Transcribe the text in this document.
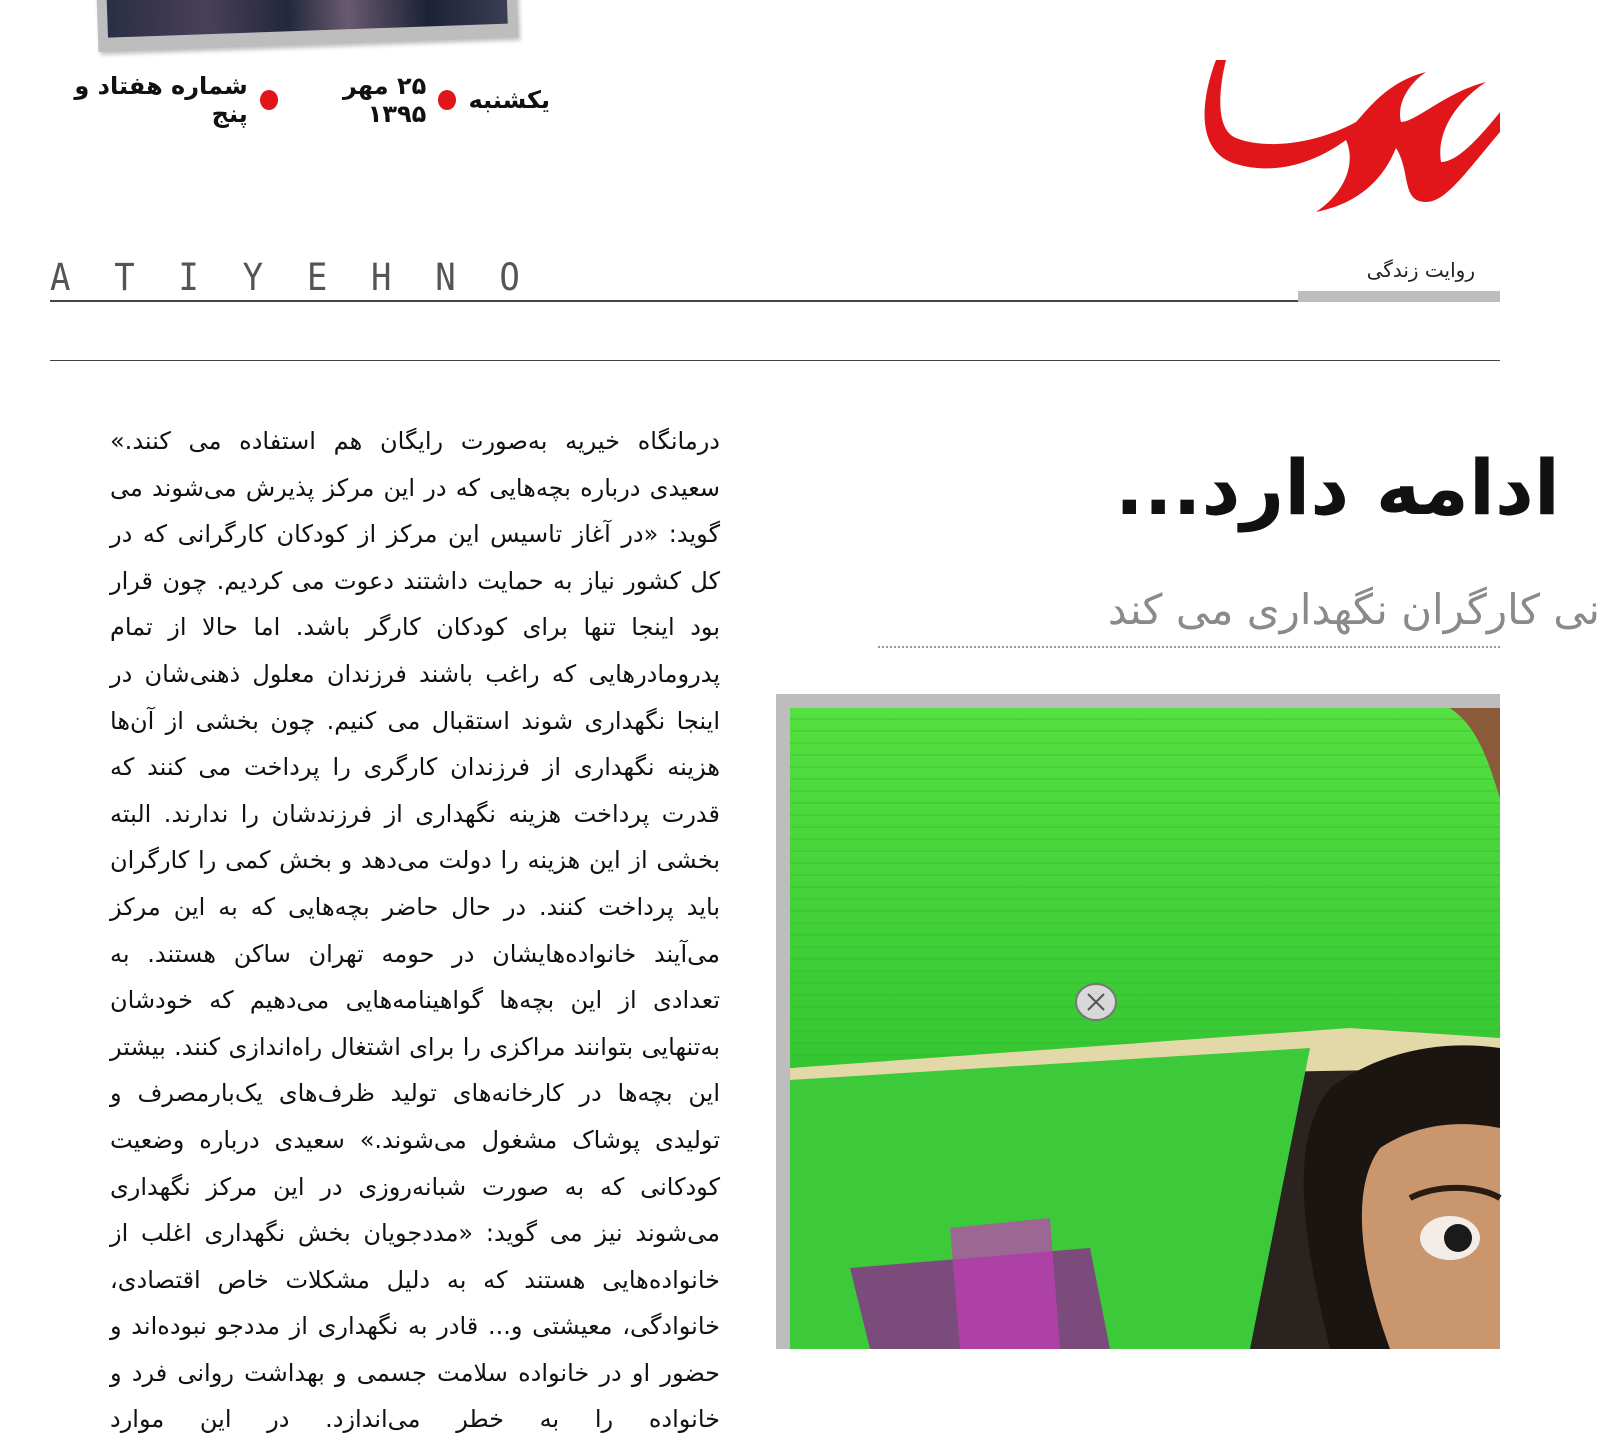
یکشنبه
۲۵ مهر ۱۳۹۵
شماره هفتاد و پنج
روایت زندگی
A T I Y E H N O

درمانگاه خیریه به‌صورت رایگان هم استفاده می کنند.» سعیدی درباره بچه‌هایی که در این مرکز پذیرش می‌شوند می گوید: «در آغاز تاسیس این مرکز از کودکان کارگرانی که در کل کشور نیاز به حمایت داشتند دعوت می کردیم. چون قرار بود اینجا تنها برای کودکان کارگر باشد. اما حالا از تمام پدرومادرهایی که راغب باشند فرزندان معلول ذهنی‌شان در اینجا نگهداری شوند استقبال می کنیم. چون بخشی از آن‌ها هزینه نگهداری از فرزندان کارگری را پرداخت می کنند که قدرت پرداخت هزینه نگهداری از فرزندشان را ندارند. البته بخشی از این هزینه را دولت می‌دهد و بخش کمی را کارگران باید پرداخت کنند. در حال حاضر بچه‌هایی که به این مرکز می‌آیند خانواده‌هایشان در حومه تهران ساکن هستند. به تعدادی از این بچه‌ها گواهینامه‌هایی می‌دهیم که خودشان به‌تنهایی بتوانند مراکزی را برای اشتغال راه‌اندازی کنند. بیشتر این بچه‌ها در کارخانه‌های تولید ظرف‌های یک‌بارمصرف و تولیدی پوشاک مشغول می‌شوند.» سعیدی درباره وضعیت کودکانی که به صورت شبانه‌روزی در این مرکز نگهداری می‌شوند نیز می گوید: «مددجویان بخش نگهداری اغلب از خانواده‌هایی هستند که به دلیل مشکلات خاص اقتصادی، خانوادگی، معیشتی و... قادر به نگهداری از مددجو نبوده‌اند و حضور او در خانواده سلامت جسمی و بهداشت روانی فرد و خانواده را به خطر می‌اندازد. در این موارد

ادامه دارد...
نی کارگران نگهداری می کند
